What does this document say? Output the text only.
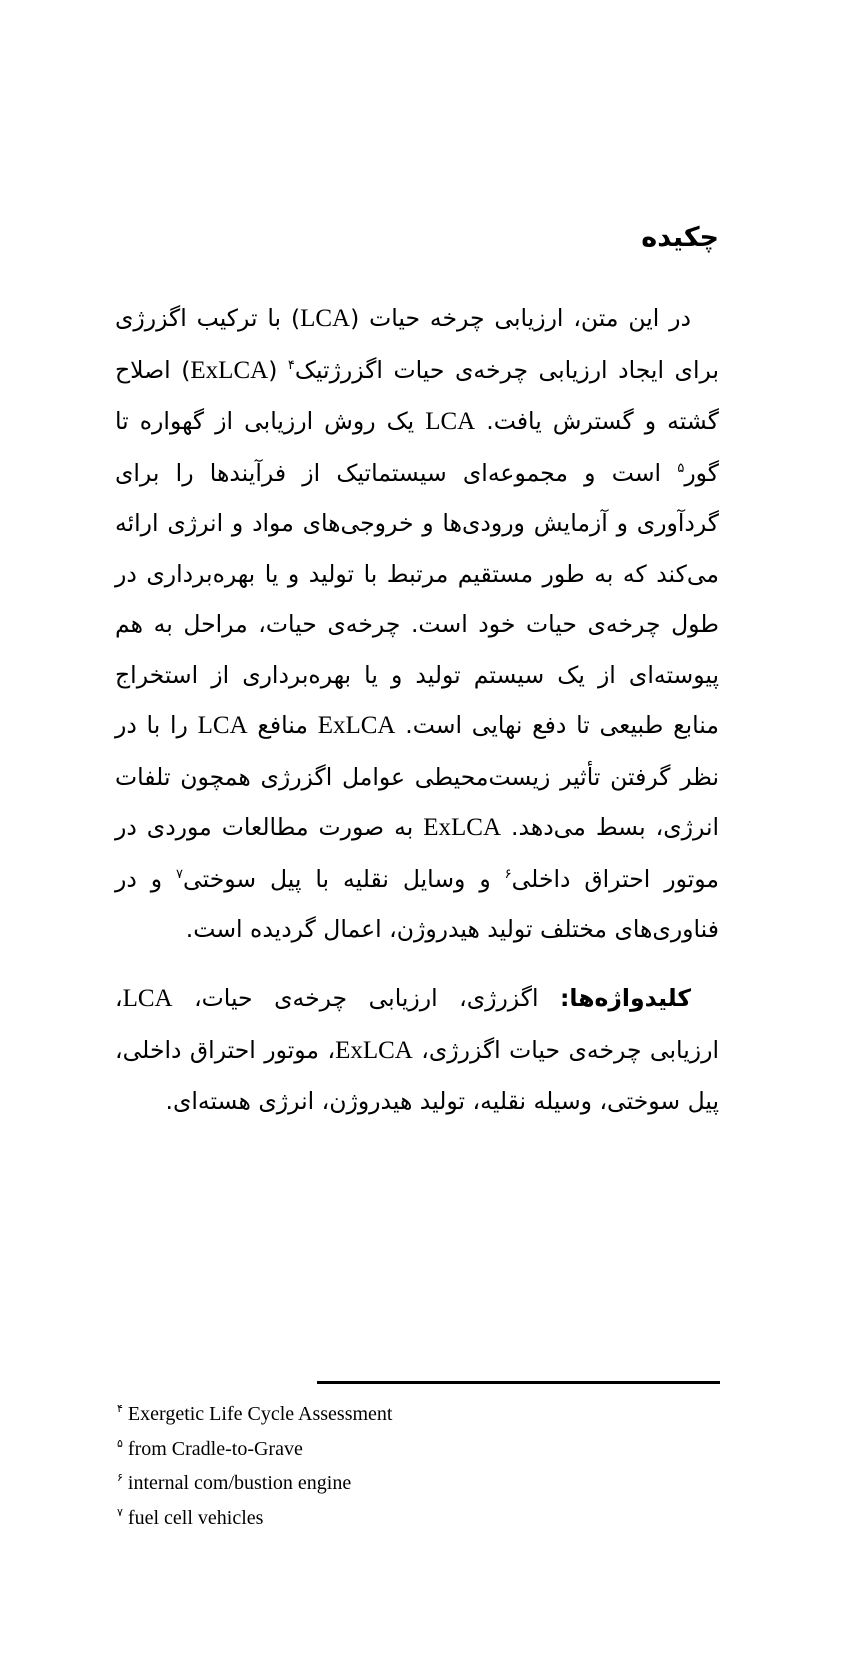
چکیده

در این متن، ارزیابی چرخه حیات (LCA) با ترکیب اگزرژی برای ایجاد ارزیابی چرخه‌ی حیات اگزرژتیک$^۴$ (ExLCA) اصلاح گشته و گسترش یافت. LCA یک روش ارزیابی از گهواره تا گور$^۵$ است و مجموعه‌ای سیستماتیک از فرآیندها را برای گردآوری و آزمایش ورودی‌ها و خروجی‌های مواد و انرژی ارائه می‌کند که به طور مستقیم مرتبط با تولید و یا بهره‌برداری در طول چرخه‌ی حیات خود است. چرخه‌ی حیات، مراحل به هم پیوسته‌ای از یک سیستم تولید و یا بهره‌برداری از استخراج منابع طبیعی تا دفع نهایی است. ExLCA منافع LCA را با در نظر گرفتن تأثیر زیست‌محیطی عوامل اگزرژی همچون تلفات انرژی، بسط می‌دهد. ExLCA به صورت مطالعات موردی در موتور احتراق داخلی$^۶$ و وسایل نقلیه با پیل سوختی$^۷$ و در فناوری‌های مختلف تولید هیدروژن، اعمال گردیده است.

کلیدواژه‌ها: اگزرژی، ارزیابی چرخه‌ی حیات، LCA، ارزیابی چرخه‌ی حیات اگزرژی، ExLCA، موتور احتراق داخلی، پیل سوختی، وسیله نقلیه، تولید هیدروژن، انرژی هسته‌ای.

$^۴$ Exergetic Life Cycle Assessment
$^۵$ from Cradle-to-Grave
$^۶$ internal com/bustion engine
$^۷$ fuel cell vehicles
